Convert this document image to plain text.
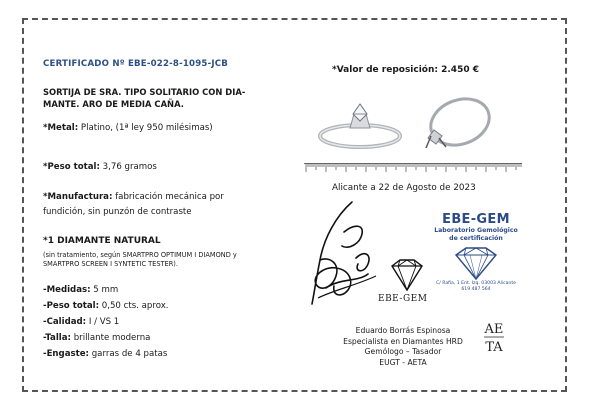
CERTIFICADO Nº EBE-022-8-1095-JCB
SORTIJA DE SRA. TIPO SOLITARIO CON DIA-MANTE. ARO DE MEDIA CAÑA.
*Metal: Platino, (1ª ley 950 milésimas)
*Peso total: 3,76 gramos
*Manufactura: fabricación mecánica por
fundición, sin punzón de contraste
*1 DIAMANTE NATURAL
(sin tratamiento, según SMARTPRO OPTIMUM I DIAMOND y SMARTPRO SCREEN I SYNTETIC TESTER).
-Medidas: 5 mm
-Peso total: 0,50 cts. aprox.
-Calidad: I / VS 1
-Talla: brillante moderna
-Engaste: garras de 4 patas
*Valor de reposición: 2.450 €
Alicante a 22 de Agosto de 2023
EBE-GEM
EBE-GEM
Laboratorio Gemológico
de certificación
C/ Rafia, 1 Ent. Izq. 03003 Alicante
619 487 564
AE
TA
Eduardo Borrás Espinosa
Especialista en Diamantes HRD
Gemólogo – Tasador
EUGT - AETA
